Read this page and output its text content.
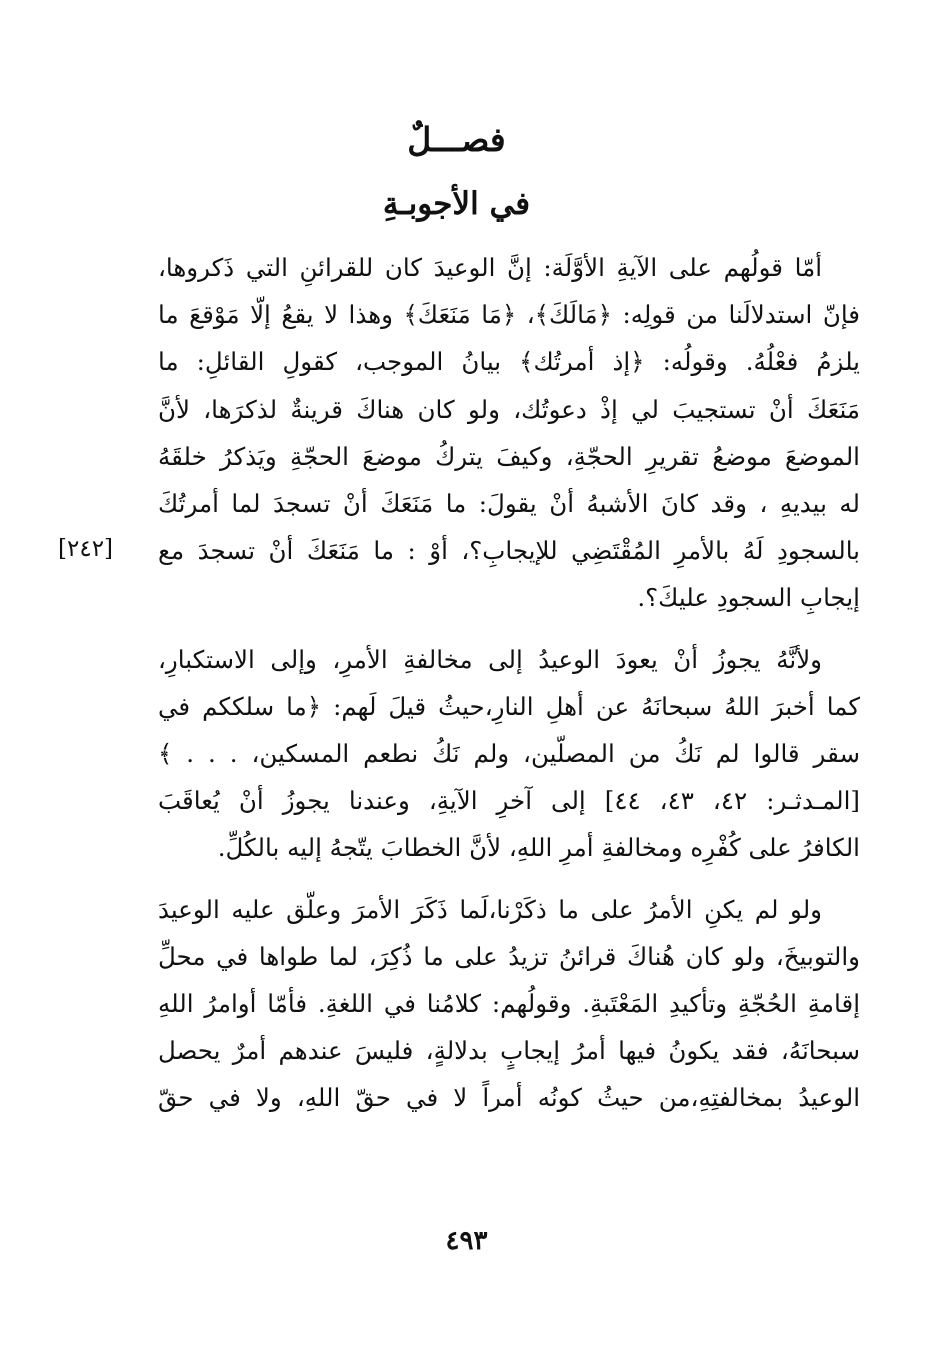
فصـــلٌ
في الأجوبـةِ
[٢٤٢]
أمّا قولُهم على الآيةِ الأوَّلَة: إنَّ الوعيدَ كان للقرائنِ التي ذَكروها،
فإنّ استدلالَنا من قولِه: ﴿مَالَكَ﴾، ﴿مَا مَنَعَكَ﴾ وهذا لا يقعُ إلّا مَوْقعَ ما
يلزمُ فعْلُهُ. وقولُه: ﴿إذ أمرتُك﴾ بيانُ الموجب، كقولِ القائلِ: ما
مَنَعَكَ أنْ تستجيبَ لي إذْ دعوتُك، ولو كان هناكَ قرينةٌ لذكرَها، لأنَّ
الموضعَ موضعُ تقريرِ الحجّةِ، وكيفَ يتركُ موضعَ الحجّةِ ويَذكرُ خلقَهُ
له بيديهِ ، وقد كانَ الأشبهُ أنْ يقولَ: ما مَنَعَكَ أنْ تسجدَ لما أمرتُكَ
بالسجودِ لَهُ بالأمرِ المُقْتَضِي للإيجابِ؟، أوْ : ما مَنَعَكَ أنْ تسجدَ مع
إيجابِ السجودِ عليكَ؟.
ولأنَّهُ يجوزُ أنْ يعودَ الوعيدُ إلى مخالفةِ الأمرِ، وإلى الاستكبارِ،
كما أخبرَ اللهُ سبحانَهُ عن أهلِ النارِ،حيثُ قيلَ لَهم: ﴿ما سلككم في
سقر قالوا لم نَكُ من المصلّين، ولم نَكُ نطعم المسكين، . . . ﴾
[المـدثـر: ٤٢، ٤٣، ٤٤] إلى آخرِ الآيةِ، وعندنا يجوزُ أنْ يُعاقَبَ
الكافرُ على كُفْرِه ومخالفةِ أمرِ اللهِ، لأنَّ الخطابَ يتّجهُ إليه بالكُلِّ.
ولو لم يكنِ الأمرُ على ما ذكَرْنا،لَما ذَكَرَ الأمرَ وعلّق عليه الوعيدَ
والتوبيخَ، ولو كان هُناكَ قرائنُ تزيدُ على ما ذُكِرَ، لما طواها في محلِّ
إقامةِ الحُجّةِ وتأكيدِ المَعْتَبةِ. وقولُهم: كلامُنا في اللغةِ. فأمّا أوامرُ اللهِ
سبحانَهُ، فقد يكونُ فيها أمرُ إيجابٍ بدلالةٍ، فليسَ عندهم أمرٌ يحصل
الوعيدُ بمخالفتِهِ،من حيثُ كونُه أمراً لا في حقّ اللهِ، ولا في حقّ
٤٩٣
